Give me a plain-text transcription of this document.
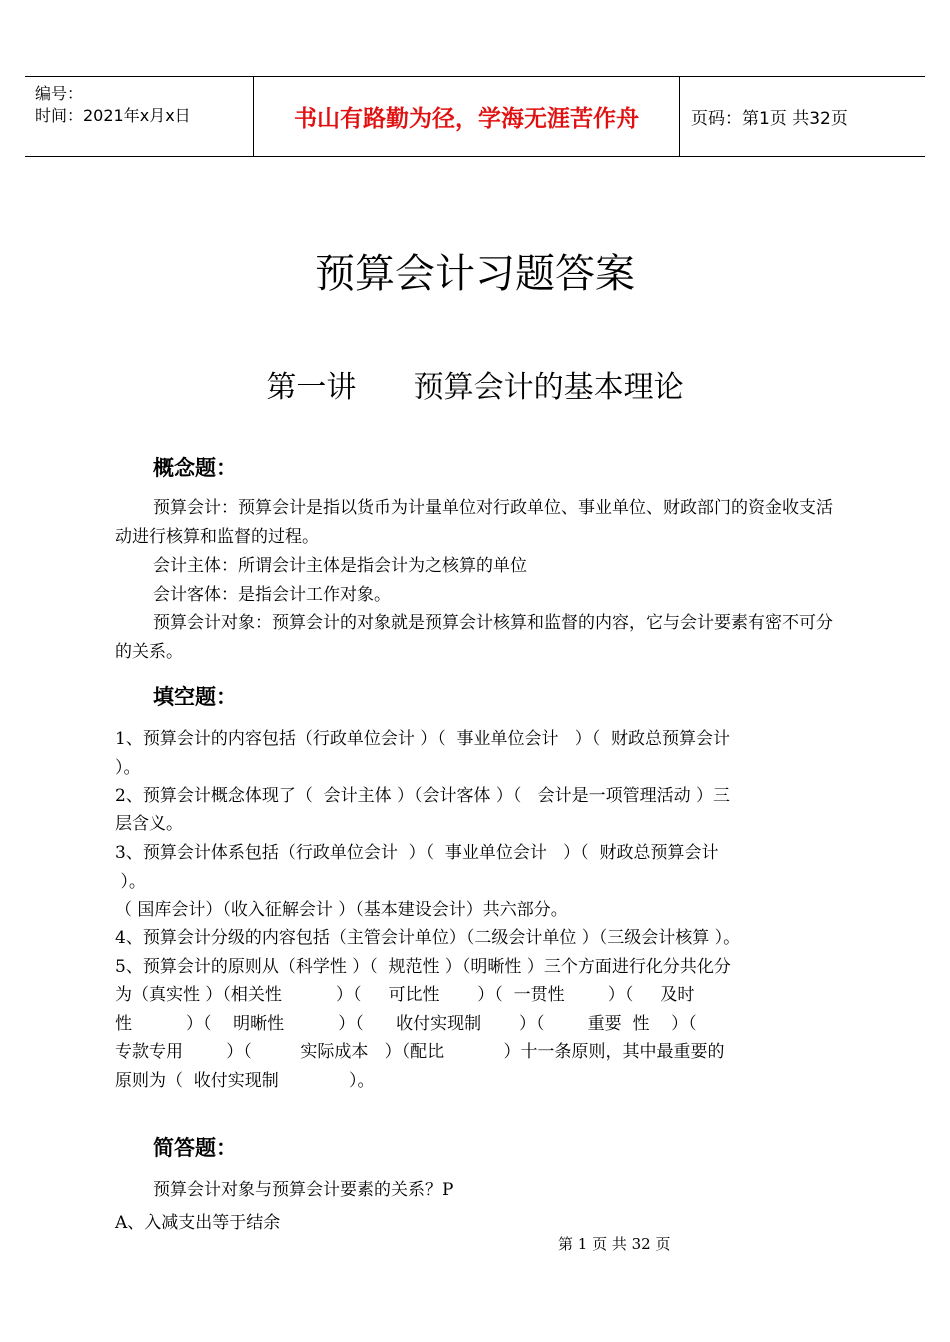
编号：
时间：2021年x月x日	书山有路勤为径，学海无涯苦作舟	页码：第1页 共32页
预算会计习题答案
第一讲      预算会计的基本理论
概念题：
预算会计：预算会计是指以货币为计量单位对行政单位、事业单位、财政部门的资金收支活动进行核算和监督的过程。
会计主体：所谓会计主体是指会计为之核算的单位
会计客体：是指会计工作对象。
预算会计对象：预算会计的对象就是预算会计核算和监督的内容，它与会计要素有密不可分的关系。
填空题：
1、预算会计的内容包括（行政单位会计 ）（  事业单位会计   ）（  财政总预算会计
）。
2、预算会计概念体现了（  会计主体 ）（会计客体 ）（   会计是一项管理活动 ）三
层含义。
3、预算会计体系包括（行政单位会计  ）（  事业单位会计   ）（  财政总预算会计
）。
（ 国库会计）（收入征解会计 ）（基本建设会计）共六部分。
4、预算会计分级的内容包括（主管会计单位）（二级会计单位 ）（三级会计核算 ）。
5、预算会计的原则从（科学性 ）（  规范性 ）（明晰性 ）三个方面进行化分共化分
为（真实性 ）（相关性          ）（     可比性       ）（  一贯性        ）（     及时
性          ）（    明晰性          ）（      收付实现制       ）（        重要  性    ）（
专款专用        ）（         实际成本   ）（配比           ）十一条原则，其中最重要的
原则为（  收付实现制             ）。
简答题：
预算会计对象与预算会计要素的关系？P
A、入减支出等于结余
第 1 页 共 32 页
